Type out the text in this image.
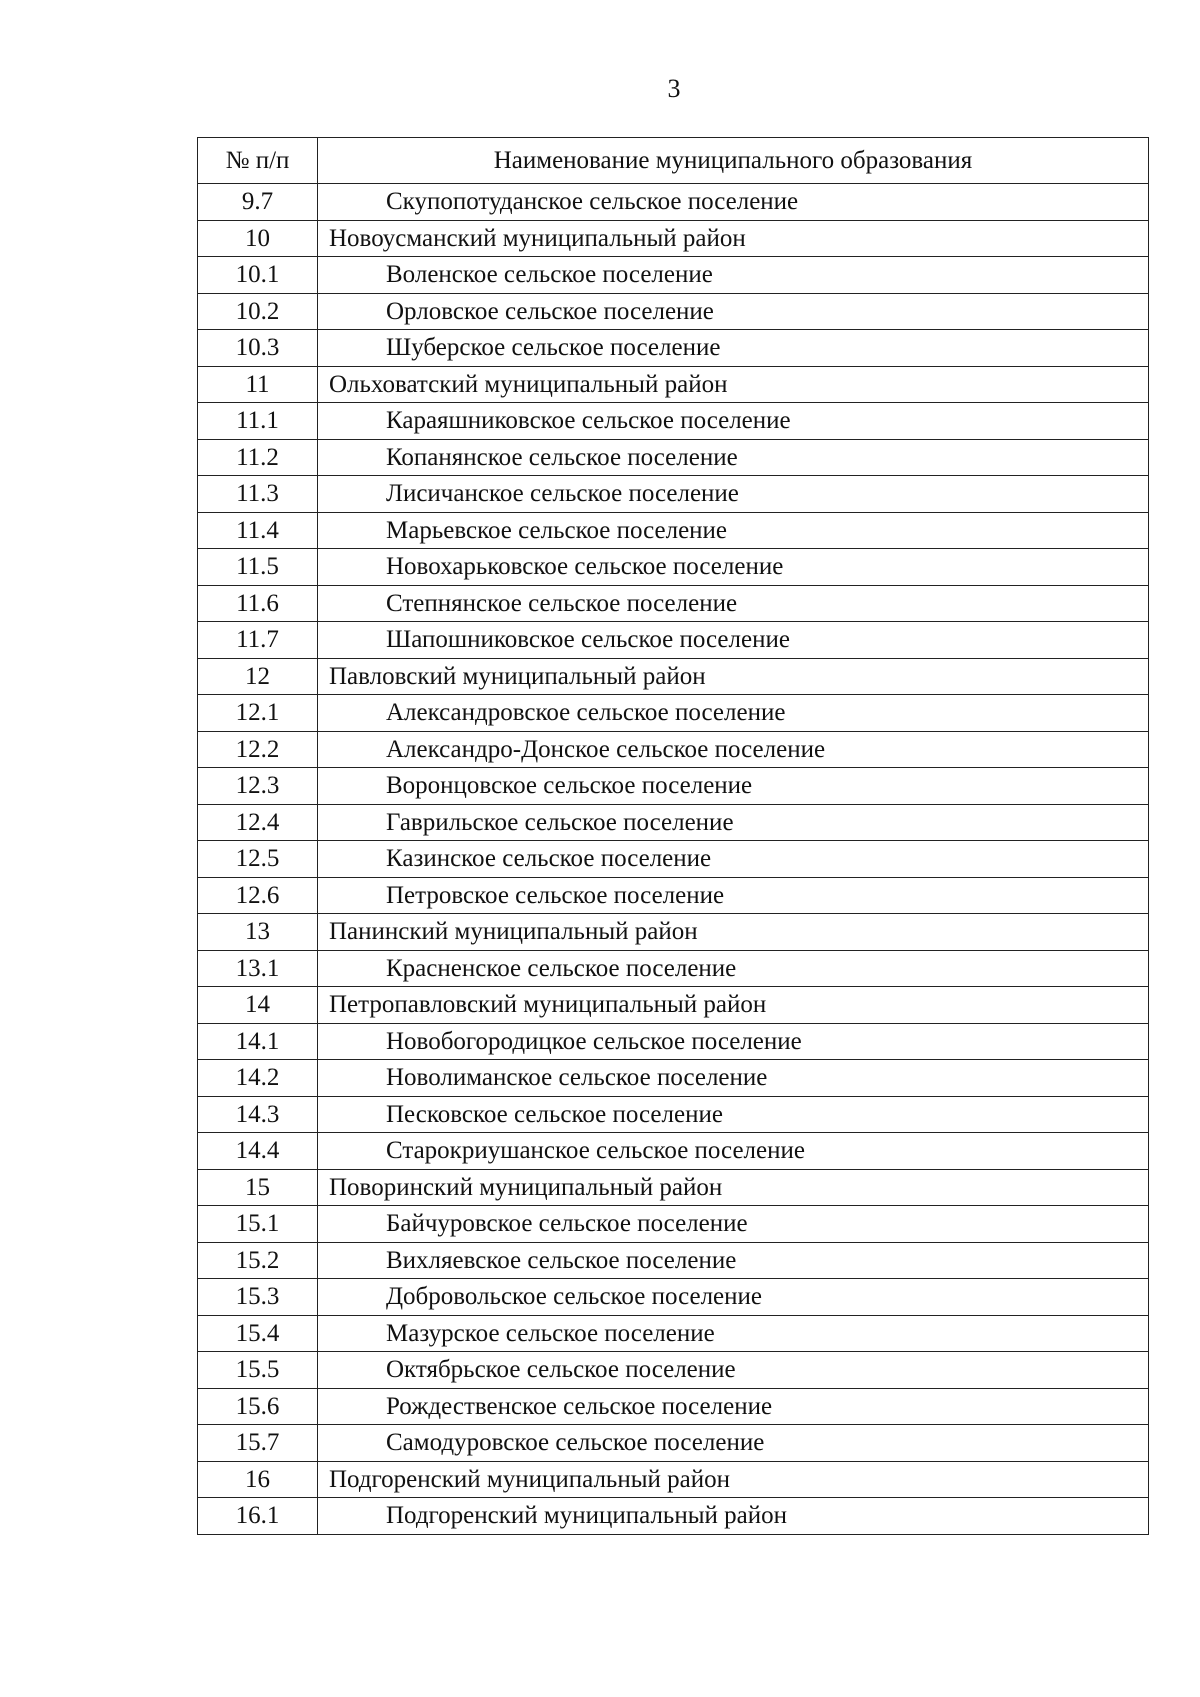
3
№ п/п	Наименование муниципального образования
9.7	Скупопотуданское сельское поселение
10	Новоусманский муниципальный район
10.1	Воленское сельское поселение
10.2	Орловское сельское поселение
10.3	Шуберское сельское поселение
11	Ольховатский муниципальный район
11.1	Караяшниковское сельское поселение
11.2	Копанянское сельское поселение
11.3	Лисичанское сельское поселение
11.4	Марьевское сельское поселение
11.5	Новохарьковское сельское поселение
11.6	Степнянское сельское поселение
11.7	Шапошниковское сельское поселение
12	Павловский муниципальный район
12.1	Александровское сельское поселение
12.2	Александро-Донское сельское поселение
12.3	Воронцовское сельское поселение
12.4	Гаврильское сельское поселение
12.5	Казинское сельское поселение
12.6	Петровское сельское поселение
13	Панинский муниципальный район
13.1	Красненское сельское поселение
14	Петропавловский муниципальный район
14.1	Новобогородицкое сельское поселение
14.2	Новолиманское сельское поселение
14.3	Песковское сельское поселение
14.4	Старокриушанское сельское поселение
15	Поворинский муниципальный район
15.1	Байчуровское сельское поселение
15.2	Вихляевское сельское поселение
15.3	Добровольское сельское поселение
15.4	Мазурское сельское поселение
15.5	Октябрьское сельское поселение
15.6	Рождественское сельское поселение
15.7	Самодуровское сельское поселение
16	Подгоренский муниципальный район
16.1	Подгоренский муниципальный район
